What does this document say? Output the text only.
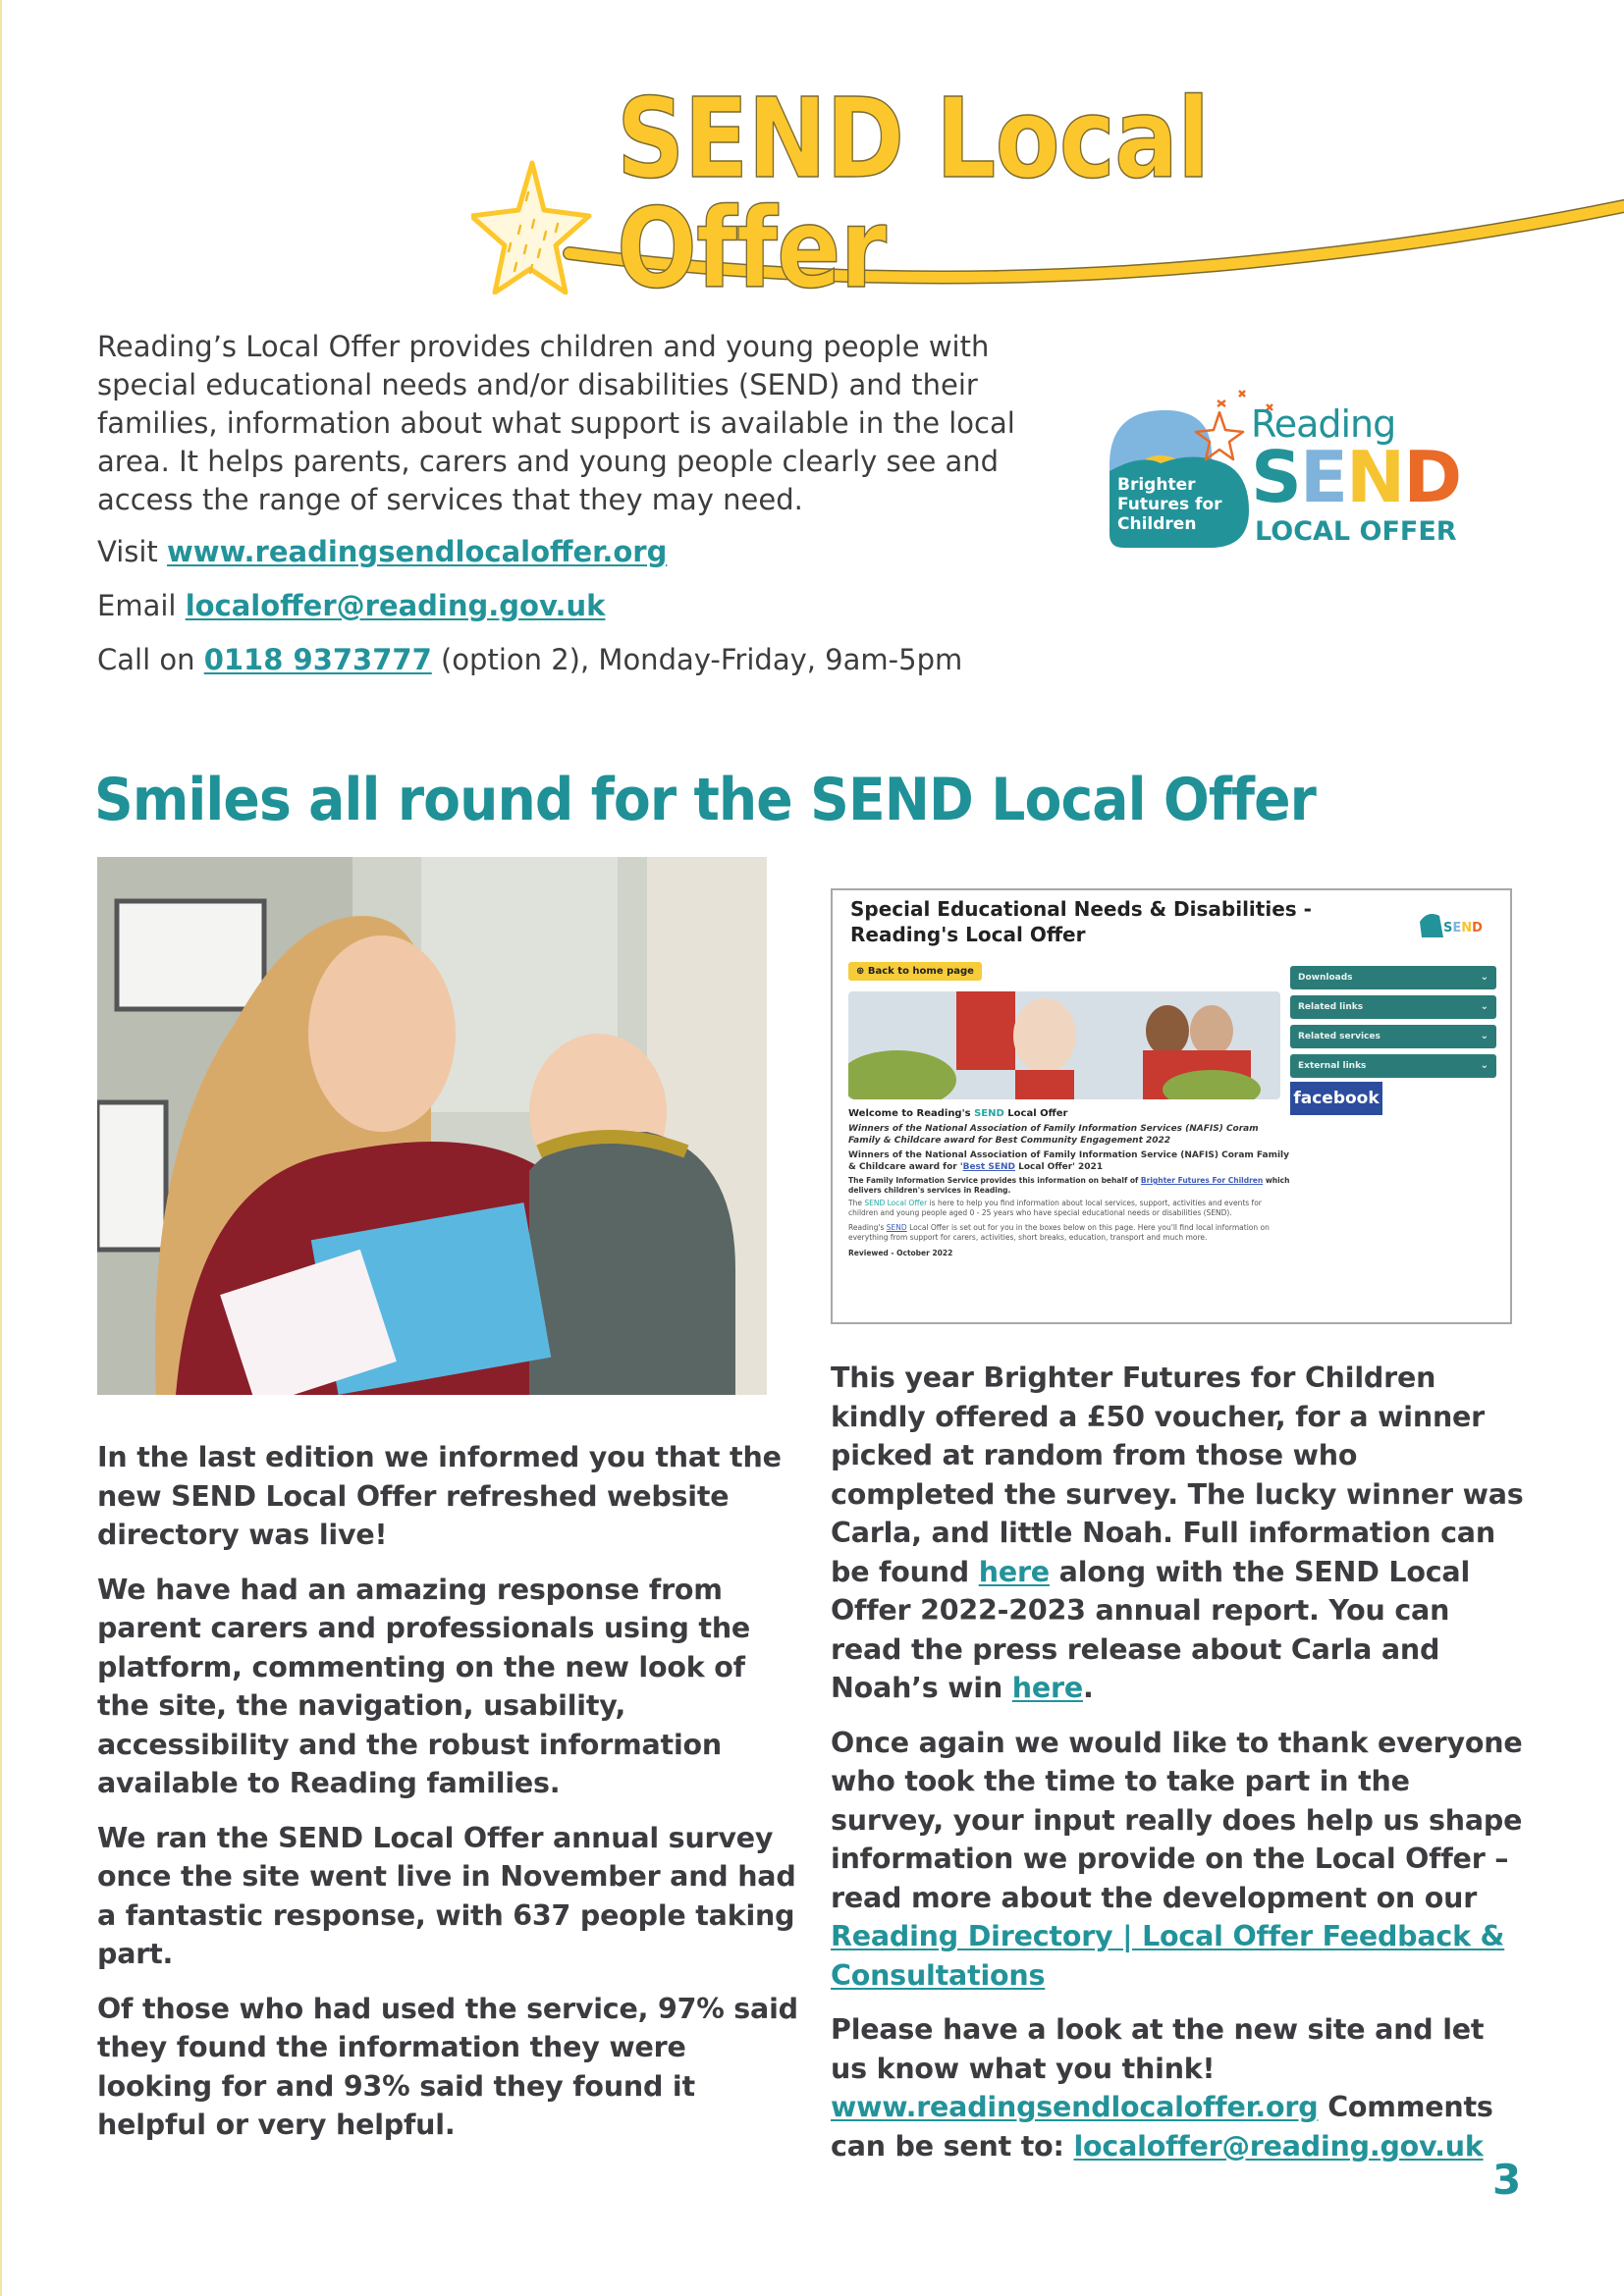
SEND Local Offer

Reading’s Local Offer provides children and young people with special educational needs and/or disabilities (SEND) and their families, information about what support is available in the local area. It helps parents, carers and young people clearly see and access the range of services that they may need.

Visit www.readingsendlocaloffer.org

Email localoffer@reading.gov.uk

Call on 0118 9373777 (option 2), Monday-Friday, 9am-5pm

Brighter
Futures for
Children
Reading
SEND
LOCAL OFFER
Smiles all round for the SEND Local Offer
Special Educational Needs & Disabilities - Reading's Local Offer	SEND
⊕ Back to home page
Downloads	⌄
Related links	⌄
Related services	⌄
External links	⌄
facebook
Welcome to Reading's SEND Local Offer
Winners of the National Association of Family Information Services (NAFIS) Coram Family & Childcare award for Best Community Engagement 2022
Winners of the National Association of Family Information Service (NAFIS) Coram Family & Childcare award for 'Best SEND Local Offer' 2021
The Family Information Service provides this information on behalf of Brighter Futures For Children which delivers children's services in Reading.
The SEND Local Offer is here to help you find information about local services, support, activities and events for children and young people aged 0 - 25 years who have special educational needs or disabilities (SEND).
Reading's SEND Local Offer is set out for you in the boxes below on this page. Here you'll find local information on everything from support for carers, activities, short breaks, education, transport and much more.
Reviewed - October 2022

In the last edition we informed you that the new SEND Local Offer refreshed website directory was live!

We have had an amazing response from parent carers and professionals using the platform, commenting on the new look of the site, the navigation, usability, accessibility and the robust information available to Reading families.

We ran the SEND Local Offer annual survey once the site went live in November and had a fantastic response, with 637 people taking part.

Of those who had used the service, 97% said they found the information they were looking for and 93% said they found it helpful or very helpful.

This year Brighter Futures for Children kindly offered a £50 voucher, for a winner picked at random from those who completed the survey. The lucky winner was Carla, and little Noah. Full information can be found here along with the SEND Local Offer 2022-2023 annual report. You can read the press release about Carla and Noah’s win here.

Once again we would like to thank everyone who took the time to take part in the survey, your input really does help us shape information we provide on the Local Offer – read more about the development on our Reading Directory | Local Offer Feedback & Consultations

Please have a look at the new site and let us know what you think! www.readingsendlocaloffer.org Comments can be sent to: localoffer@reading.gov.uk

3
